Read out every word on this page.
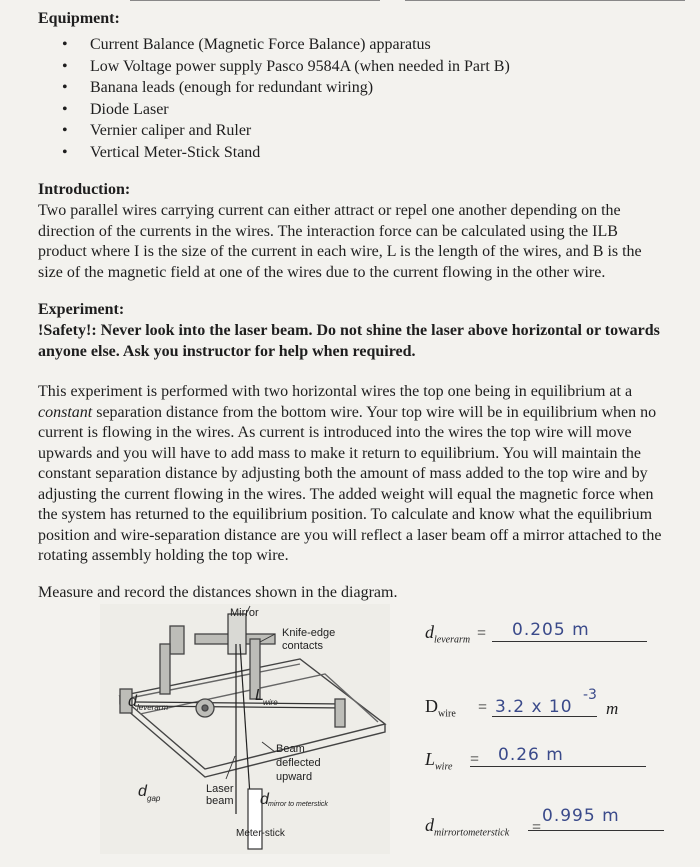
Equipment:
• Current Balance (Magnetic Force Balance) apparatus
• Low Voltage power supply Pasco 9584A (when needed in Part B)
• Banana leads (enough for redundant wiring)
• Diode Laser
• Vernier caliper and Ruler
• Vertical Meter-Stick Stand
Introduction:
Two parallel wires carrying current can either attract or repel one another depending on the direction of the currents in the wires. The interaction force can be calculated using the ILB product where I is the size of the current in each wire, L is the length of the wires, and B is the size of the magnetic field at one of the wires due to the current flowing in the other wire.
Experiment:
!Safety!: Never look into the laser beam. Do not shine the laser above horizontal or towards anyone else. Ask you instructor for help when required.
This experiment is performed with two horizontal wires the top one being in equilibrium at a constant separation distance from the bottom wire. Your top wire will be in equilibrium when no current is flowing in the wires. As current is introduced into the wires the top wire will move upwards and you will have to add mass to make it return to equilibrium. You will maintain the constant separation distance by adjusting both the amount of mass added to the top wire and by adjusting the current flowing in the wires. The added weight will equal the magnetic force when the system has returned to the equilibrium position. To calculate and know what the equilibrium position and wire-separation distance are you will reflect a laser beam off a mirror attached to the rotating assembly holding the top wire.
Measure and record the distances shown in the diagram.
Mirror
Knife-edge
contacts
d leverarm
L wire
Beam
deflected
upward
Laser
beam
d gap	d mirror to meterstick
Meter-stick
$d_{leverarm} = 0.205$ m
$D_{wire} = 3.2$ x 10
-3
m
$L_{wire} = 0.26$ m
$d_{mirrortometerstick}$ =
0.995 m
